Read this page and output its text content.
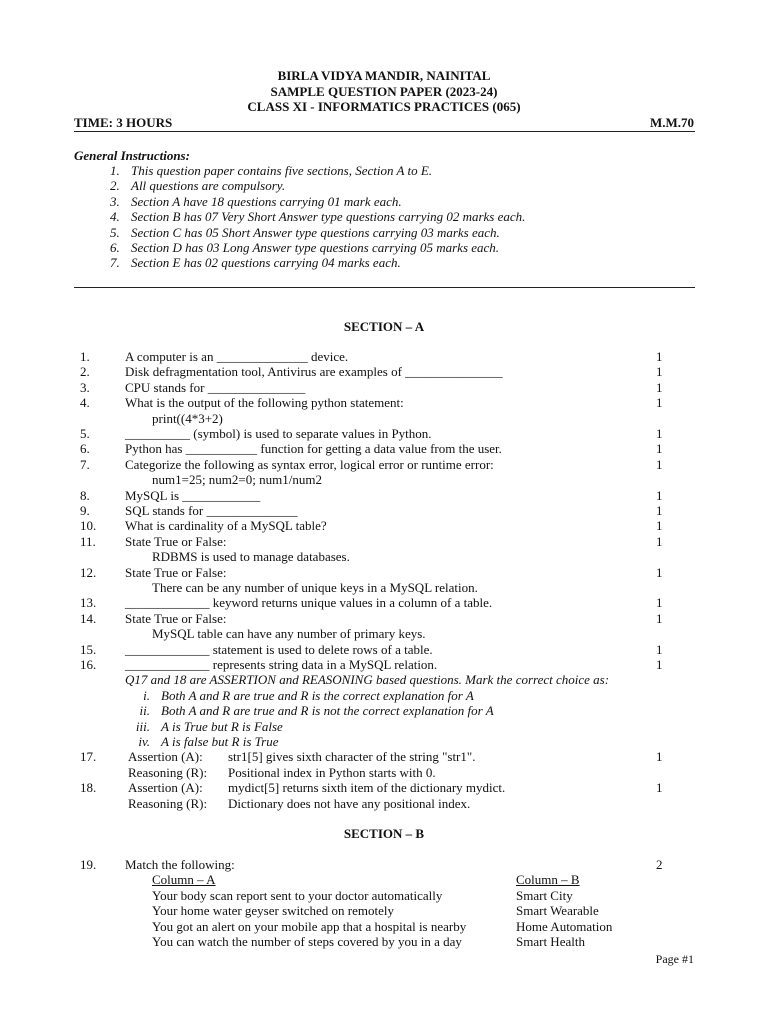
BIRLA VIDYA MANDIR, NAINITAL
SAMPLE QUESTION PAPER (2023-24)
CLASS XI - INFORMATICS PRACTICES (065)
TIME: 3 HOURS	M.M.70
General Instructions:
1. This question paper contains five sections, Section A to E.
2. All questions are compulsory.
3. Section A have 18 questions carrying 01 mark each.
4. Section B has 07 Very Short Answer type questions carrying 02 marks each.
5. Section C has 05 Short Answer type questions carrying 03 marks each.
6. Section D has 03 Long Answer type questions carrying 05 marks each.
7. Section E has 02 questions carrying 04 marks each.
SECTION – A
1.	A computer is an ______________ device.	1
2.	Disk defragmentation tool, Antivirus are examples of _______________	1
3.	CPU stands for _______________	1
4.	What is the output of the following python statement:	1
print((4*3+2)
5.	__________ (symbol) is used to separate values in Python.	1
6.	Python has ___________ function for getting a data value from the user.	1
7.	Categorize the following as syntax error, logical error or runtime error:	1
num1=25; num2=0; num1/num2
8.	MySQL is ____________	1
9.	SQL stands for ______________	1
10. What is cardinality of a MySQL table?	1
11. State True or False:	1
RDBMS is used to manage databases.
12. State True or False:	1
There can be any number of unique keys in a MySQL relation.
13. _____________ keyword returns unique values in a column of a table.	1
14. State True or False:	1
MySQL table can have any number of primary keys.
15. _____________ statement is used to delete rows of a table.	1
16. _____________ represents string data in a MySQL relation.	1
Q17 and 18 are ASSERTION and REASONING based questions. Mark the correct choice as:
i. Both A and R are true and R is the correct explanation for A
ii. Both A and R are true and R is not the correct explanation for A
iii. A is True but R is False
iv. A is false but R is True
17. Assertion (A): str1[5] gives sixth character of the string "str1".	1
Reasoning (R): Positional index in Python starts with 0.
18. Assertion (A): mydict[5] returns sixth item of the dictionary mydict.	1
Reasoning (R): Dictionary does not have any positional index.
SECTION – B
19. Match the following:	2
Column – A	Column – B
Your body scan report sent to your doctor automatically	Smart City
Your home water geyser switched on remotely	Smart Wearable
You got an alert on your mobile app that a hospital is nearby	Home Automation
You can watch the number of steps covered by you in a day	Smart Health
Page #1
